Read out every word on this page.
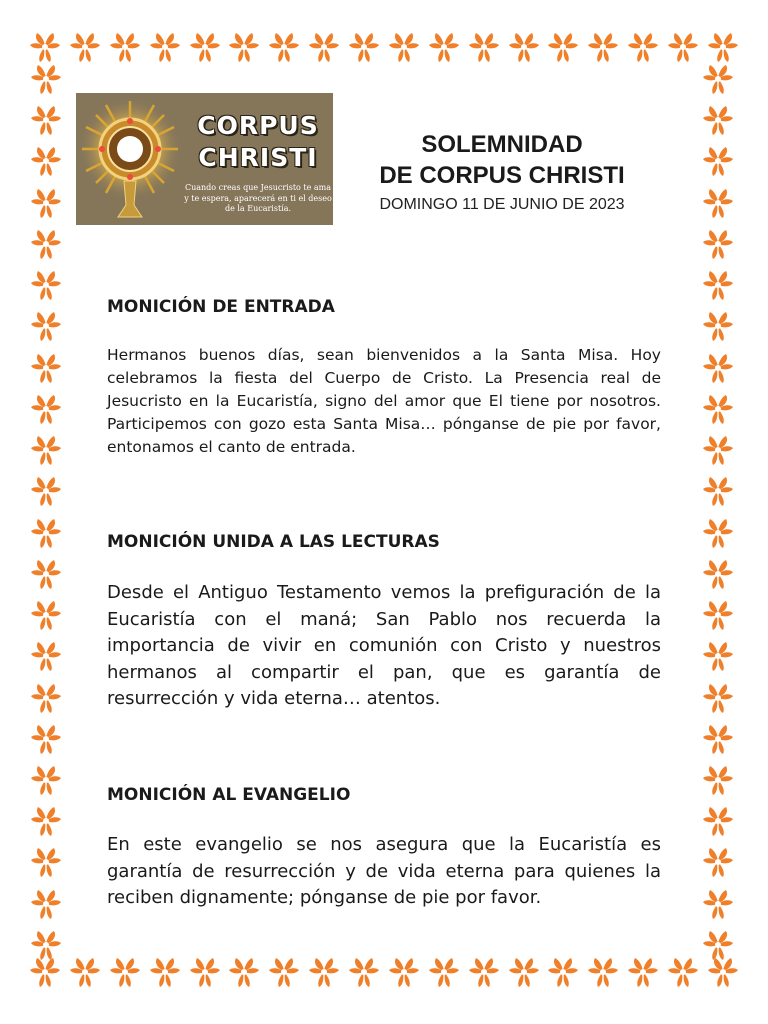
CORPUS
CHRISTI
Cuando creas que Jesucristo te ama y te espera, aparecerá en ti el deseo de la Eucaristía.
SOLEMNIDAD
DE CORPUS CHRISTI
DOMINGO 11 DE JUNIO DE 2023
MONICIÓN DE ENTRADA
Hermanos buenos días, sean bienvenidos a la Santa Misa. Hoy celebramos la fiesta del Cuerpo de Cristo. La Presencia real de Jesucristo en la Eucaristía, signo del amor que El tiene por nosotros. Participemos con gozo esta Santa Misa… pónganse de pie por favor, entonamos el canto de entrada.
MONICIÓN UNIDA A LAS LECTURAS
Desde el Antiguo Testamento vemos la prefiguración de la Eucaristía con el maná; San Pablo nos recuerda la importancia de vivir en comunión con Cristo y nuestros hermanos al compartir el pan, que es garantía de resurrección y vida eterna… atentos.
MONICIÓN AL EVANGELIO
En este evangelio se nos asegura que la Eucaristía es garantía de resurrección y de vida eterna para quienes la reciben dignamente; pónganse de pie por favor.
